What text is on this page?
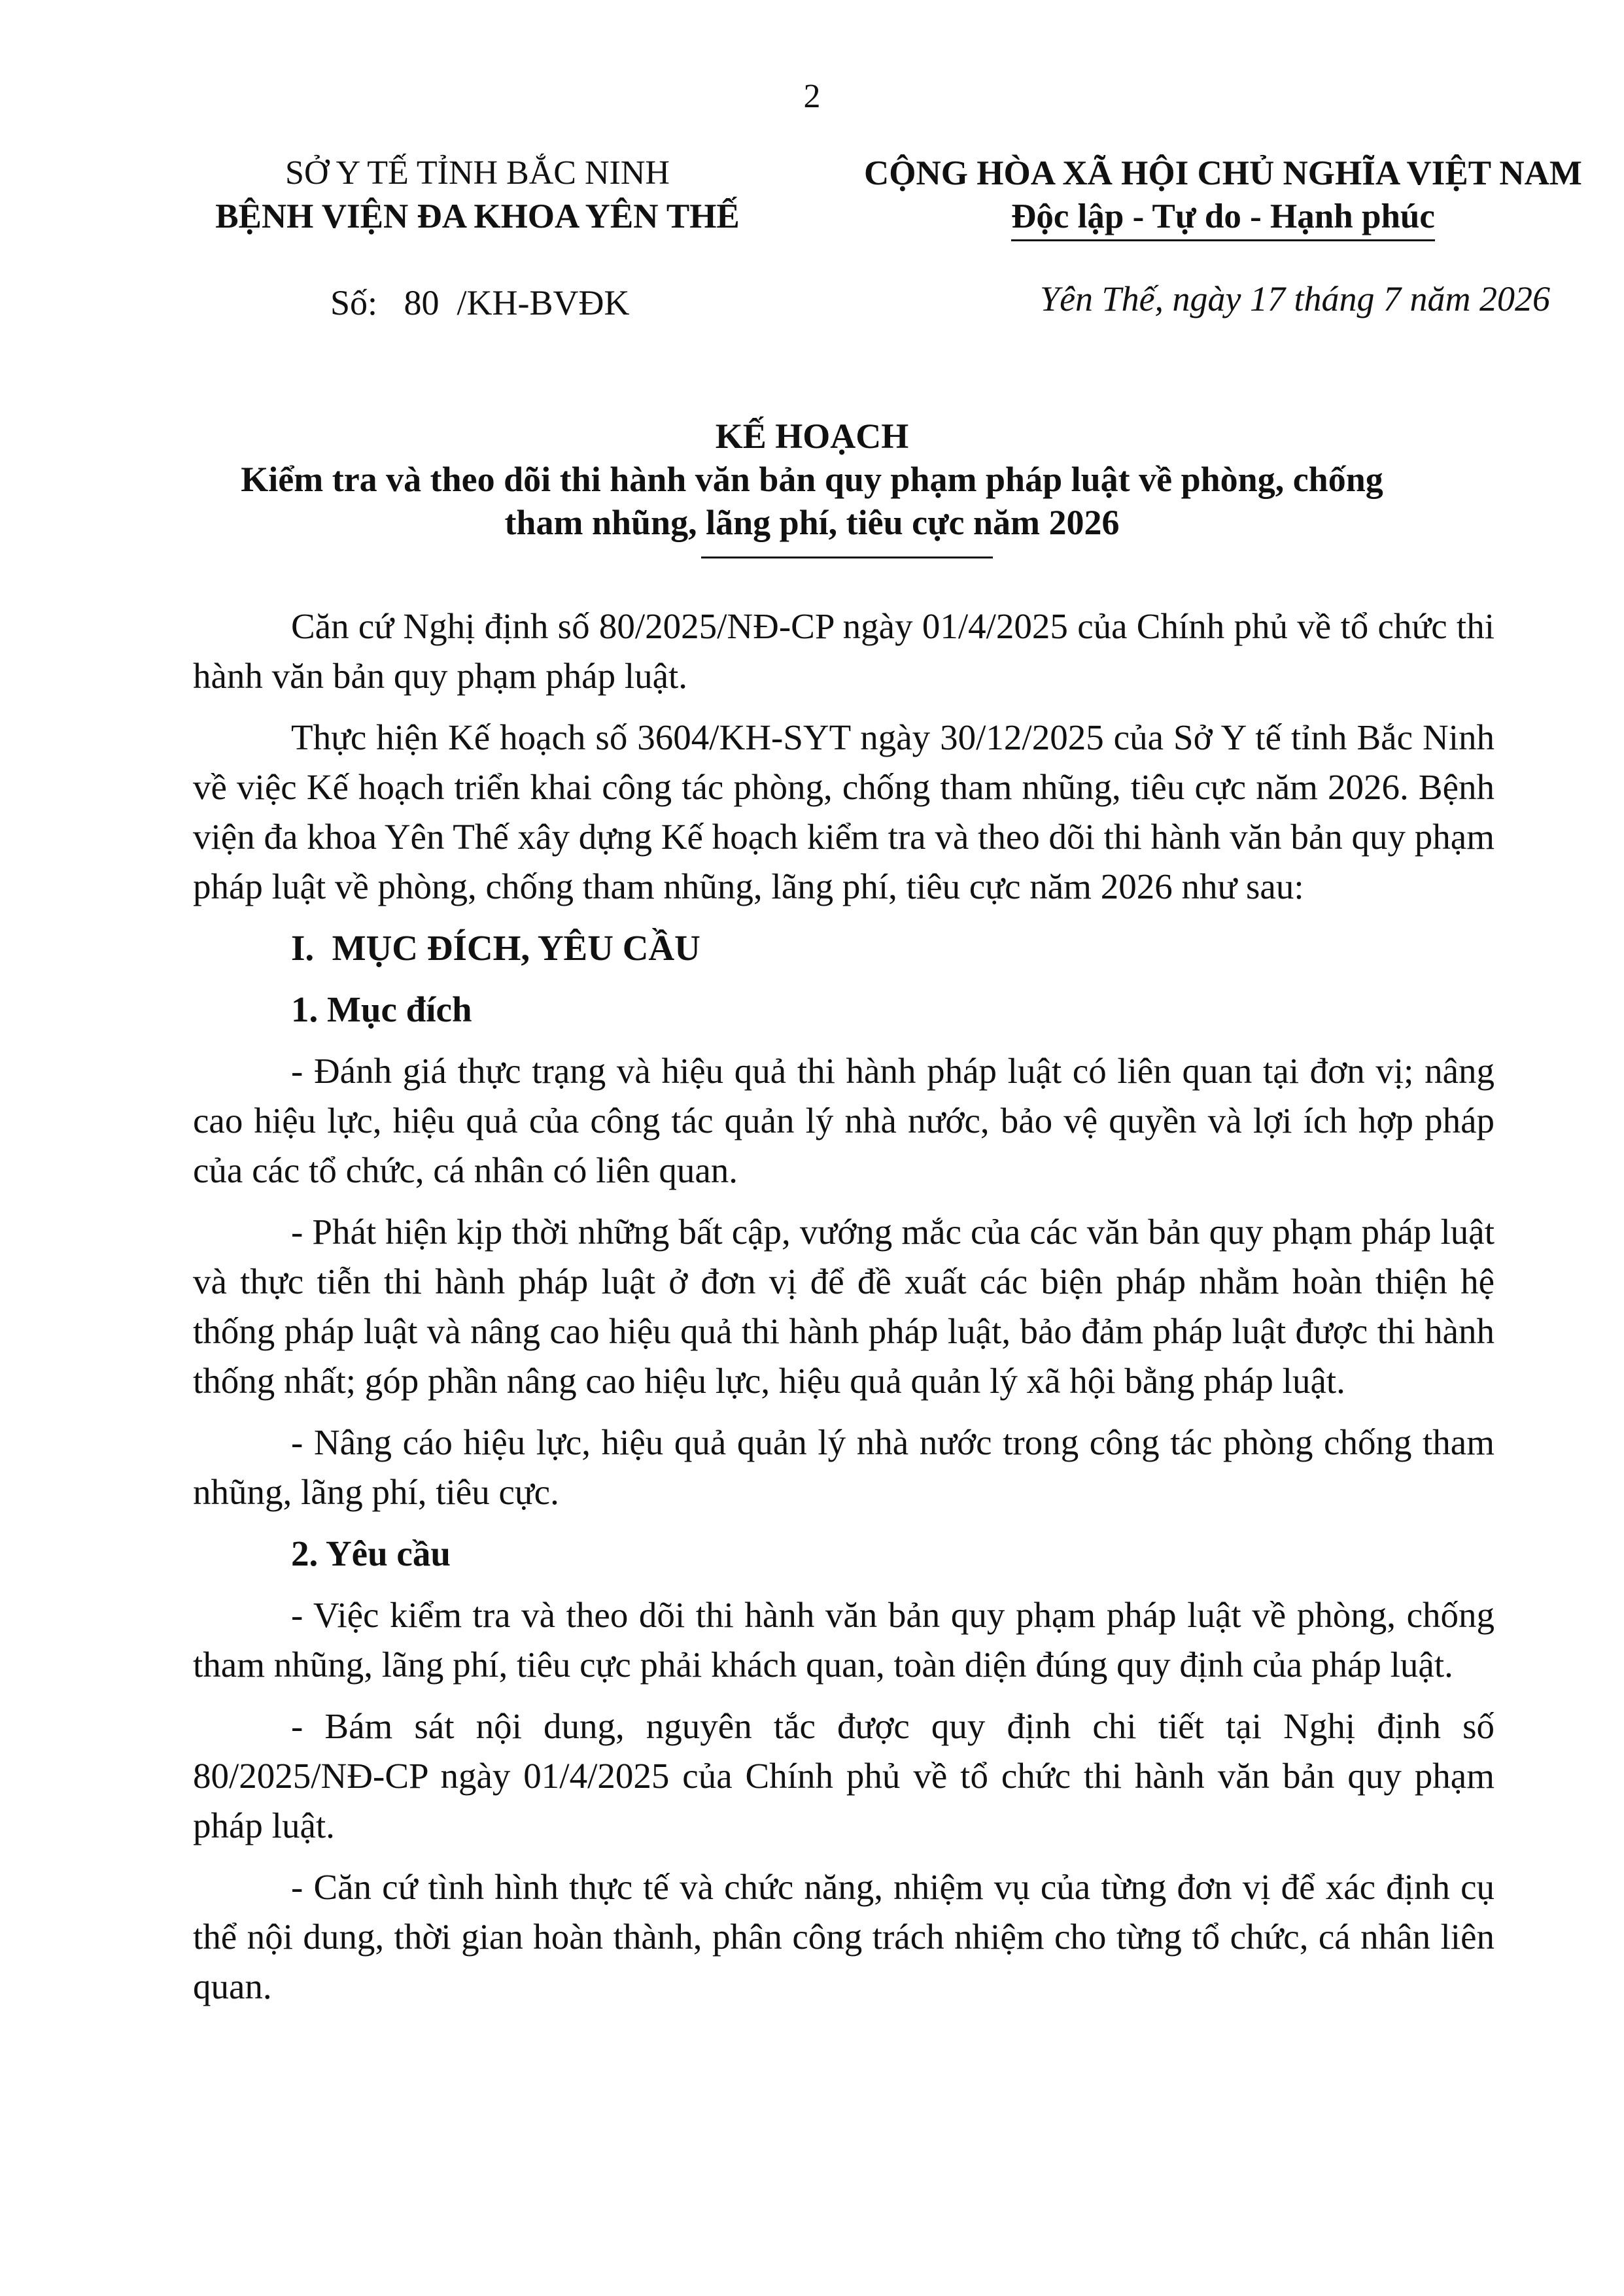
2
SỞ Y TẾ TỈNH BẮC NINH
BỆNH VIỆN ĐA KHOA YÊN THẾ
CỘNG HÒA XÃ HỘI CHỦ NGHĨA VIỆT NAM
Độc lập - Tự do - Hạnh phúc
Số:   80  /KH-BVĐK	Yên Thế, ngày 17 tháng 7 năm 2026
KẾ HOẠCH
Kiểm tra và theo dõi thi hành văn bản quy phạm pháp luật về phòng, chống
tham nhũng, lãng phí, tiêu cực năm 2026

Căn cứ Nghị định số 80/2025/NĐ-CP ngày 01/4/2025 của Chính phủ về tổ chức thi hành văn bản quy phạm pháp luật.

Thực hiện Kế hoạch số 3604/KH-SYT ngày 30/12/2025 của Sở Y tế tỉnh Bắc Ninh về việc Kế hoạch triển khai công tác phòng, chống tham nhũng, tiêu cực năm 2026. Bệnh viện đa khoa Yên Thế xây dựng Kế hoạch kiểm tra và theo dõi thi hành văn bản quy phạm pháp luật về phòng, chống tham nhũng, lãng phí, tiêu cực năm 2026 như sau:

I.  MỤC ĐÍCH, YÊU CẦU
1. Mục đích

- Đánh giá thực trạng và hiệu quả thi hành pháp luật có liên quan tại đơn vị; nâng cao hiệu lực, hiệu quả của công tác quản lý nhà nước, bảo vệ quyền và lợi ích hợp pháp của các tổ chức, cá nhân có liên quan.

- Phát hiện kịp thời những bất cập, vướng mắc của các văn bản quy phạm pháp luật và thực tiễn thi hành pháp luật ở đơn vị để đề xuất các biện pháp nhằm hoàn thiện hệ thống pháp luật và nâng cao hiệu quả thi hành pháp luật, bảo đảm pháp luật được thi hành thống nhất; góp phần nâng cao hiệu lực, hiệu quả quản lý xã hội bằng pháp luật.

- Nâng cáo hiệu lực, hiệu quả quản lý nhà nước trong công tác phòng chống tham nhũng, lãng phí, tiêu cực.

2. Yêu cầu

- Việc kiểm tra và theo dõi thi hành văn bản quy phạm pháp luật về phòng, chống tham nhũng, lãng phí, tiêu cực phải khách quan, toàn diện đúng quy định của pháp luật.

- Bám sát nội dung, nguyên tắc được quy định chi tiết tại Nghị định số 80/2025/NĐ-CP ngày 01/4/2025 của Chính phủ về tổ chức thi hành văn bản quy phạm pháp luật.

- Căn cứ tình hình thực tế và chức năng, nhiệm vụ của từng đơn vị để xác định cụ thể nội dung, thời gian hoàn thành, phân công trách nhiệm cho từng tổ chức, cá nhân liên quan.
